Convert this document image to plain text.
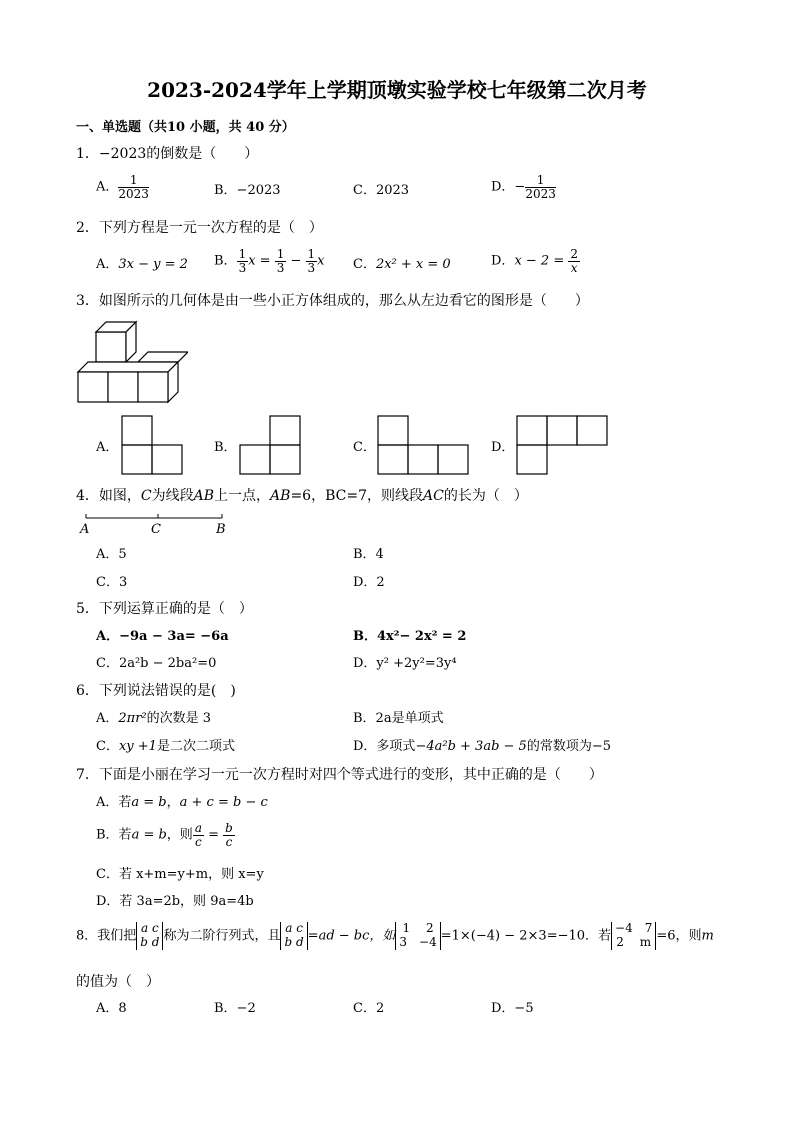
2023-2024学年上学期顶墩实验学校七年级第二次月考
一、单选题（共10 小题，共 40 分）
1．−2023的倒数是（　　）
A． $\frac{1}{2023}$	B．−2023	C．2023	D．− $\frac{1}{2023}$
2．下列方程是一元一次方程的是（　）
A．3x − y = 2 B． $\frac{1}{3}$ $x = \frac{1}{3} - \frac{1}{3}$ x C．2x² + x = 0	D．$x - 2 = \frac{2}{x}$
3．如图所示的几何体是由一些小正方体组成的，那么从左边看它的图形是（　　）
A．	B．	C．	D．
4．如图，C为线段AB上一点，AB=6，BC=7，则线段AC的长为（　）
A	C	B
A．5	B．4
C．3	D．2
5．下列运算正确的是（　）
A．−9a − 3a= −6a	B．4x²− 2x² = 2
C．2a²b − 2ba²=0	D．y² +2y²=3y⁴
6．下列说法错误的是(　)
A．2πr²的次数是 3	B．2a是单项式
C．xy +1是二次二项式	D．多项式−4a²b + 3ab − 5的常数项为−5
7．下面是小丽在学习一元一次方程时对四个等式进行的变形，其中正确的是（　　）
A．若a = b，a + c = b − c
B．若a = b，则 $\frac{a}{c} = \frac{b}{c}$
C．若 x+m=y+m，则 x=y
D．若 3a=2b，则 9a=4b
8．我们把
a c
b d 称为二阶行列式，且
a c
b d =ad − bc，如
1　 2
3　−4 =1×(−4) − 2×3=−10．若
−4　7
2　 m =6，则m
的值为（　）
A．8	B．−2	C．2	D．−5
